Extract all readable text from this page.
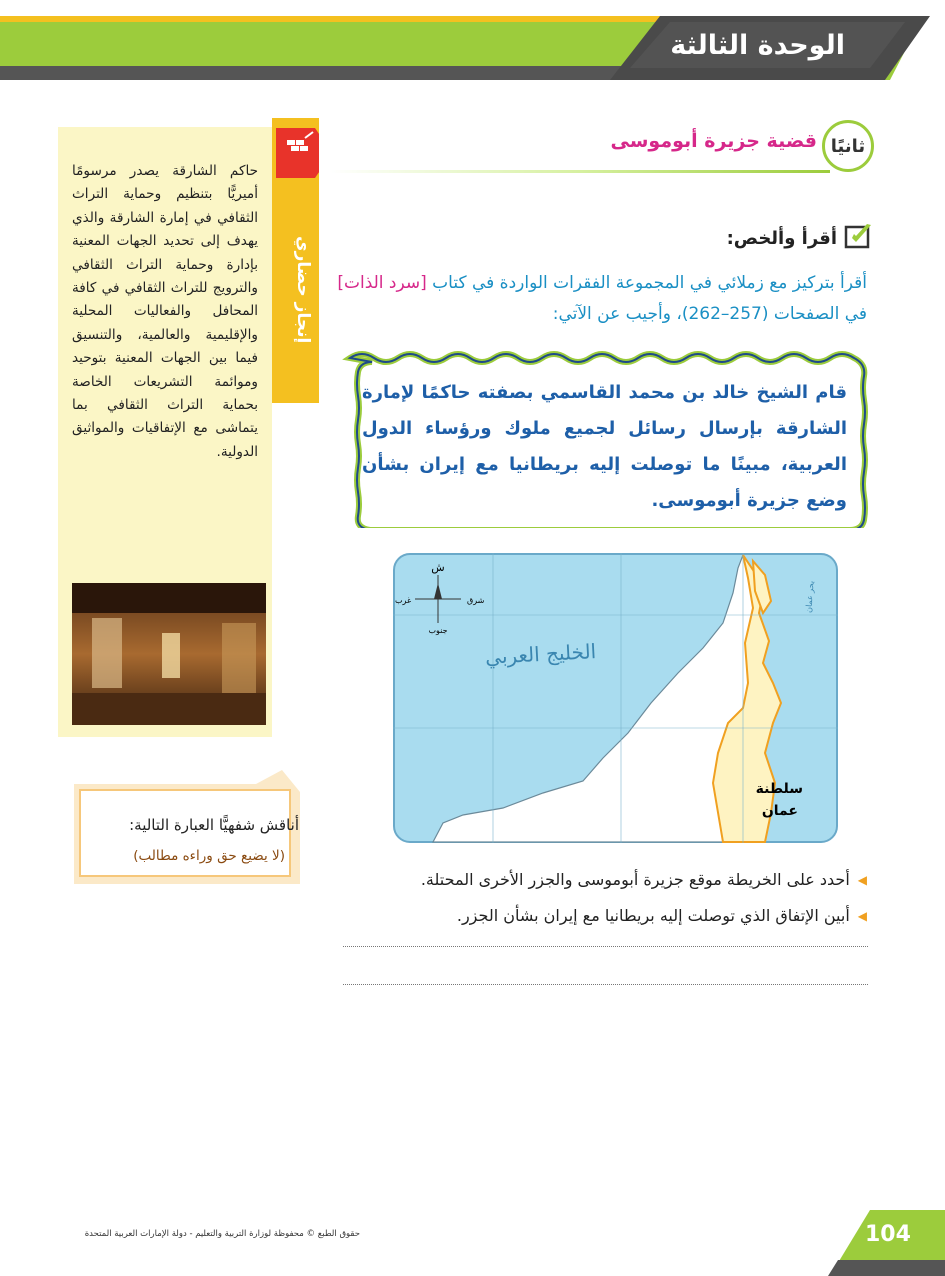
الوحدة الثالثة
ثانيًا
قضية جزيرة أبوموسى
أقرأ وألخص:
أقرأ بتركيز مع زملائي في المجموعة الفقرات الواردة في كتاب [سرد الذات] في الصفحات (257–262)، وأجيب عن الآتي:
قام الشيخ خالد بن محمد القاسمي بصفته حاكمًا لإمارة الشارقة بإرسال رسائل لجميع ملوك ورؤساء الدول العربية، مبينًا ما توصلت إليه بريطانيا مع إيران بشأن وضع جزيرة أبوموسى.
ش
شرق
غرب
جنوب
الخليج العربي
بحر عمان
سلطنة
عمان
◀
أحدد على الخريطة موقع جزيرة أبوموسى والجزر الأخرى المحتلة.
◀
أبين الإتفاق الذي توصلت إليه بريطانيا مع إيران بشأن الجزر.
إنجاز حضاري
حاكم الشارقة يصدر مرسومًا أميريًّا بتنظيم وحماية التراث الثقافي في إمارة الشارقة والذي يهدف إلى تحديد الجهات المعنية بإدارة وحماية التراث الثقافي والترويج للتراث الثقافي في كافة المحافل والفعاليات المحلية والإقليمية والعالمية، والتنسيق فيما بين الجهات المعنية بتوحيد وموائمة التشريعات الخاصة بحماية التراث الثقافي بما يتماشى مع الإتفاقيات والمواثيق الدولية.
أناقش شفهيًّا العبارة التالية:
(لا يضيع حق وراءه مطالب)
104
حقوق الطبع © محفوظة لوزارة التربية والتعليم - دولة الإمارات العربية المتحدة
